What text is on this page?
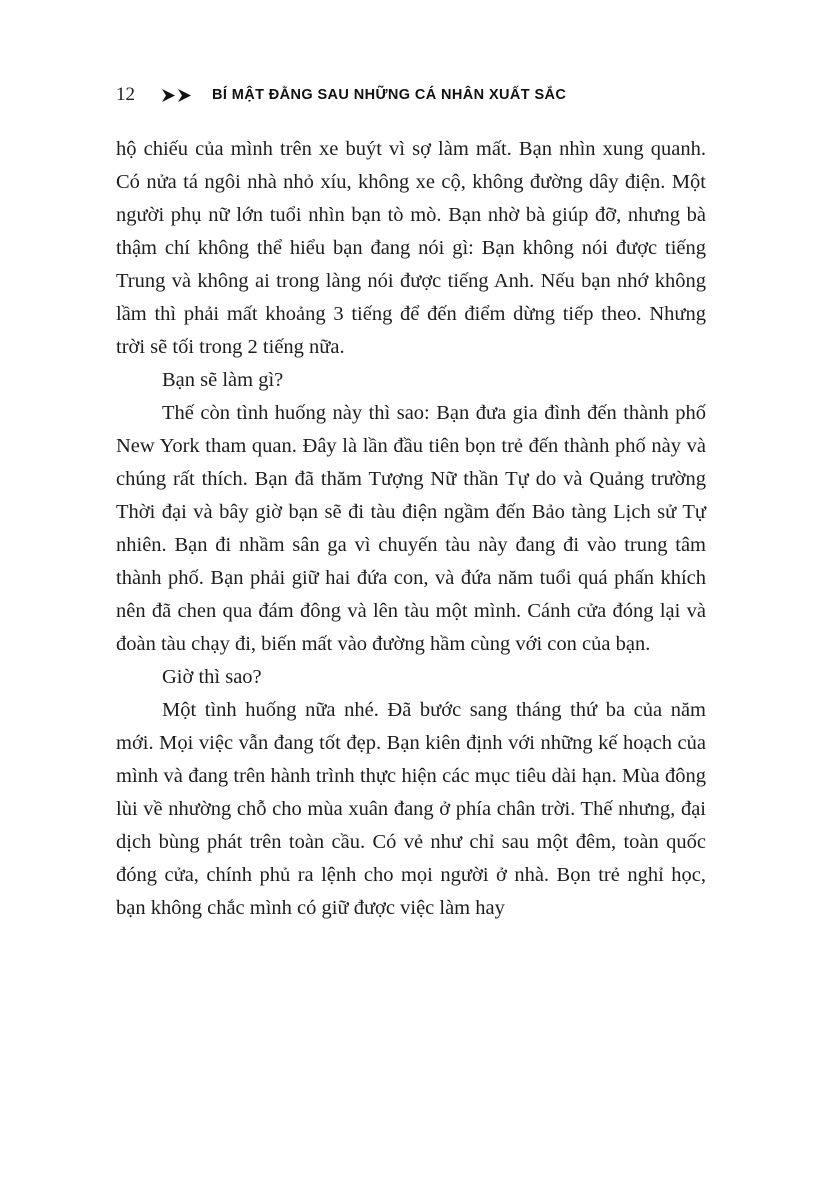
12	BÍ MẬT ĐẰNG SAU NHỮNG CÁ NHÂN XUẤT SẮC

hộ chiếu của mình trên xe buýt vì sợ làm mất. Bạn nhìn xung quanh. Có nửa tá ngôi nhà nhỏ xíu, không xe cộ, không đường dây điện. Một người phụ nữ lớn tuổi nhìn bạn tò mò. Bạn nhờ bà giúp đỡ, nhưng bà thậm chí không thể hiểu bạn đang nói gì: Bạn không nói được tiếng Trung và không ai trong làng nói được tiếng Anh. Nếu bạn nhớ không lầm thì phải mất khoảng 3 tiếng để đến điểm dừng tiếp theo. Nhưng trời sẽ tối trong 2 tiếng nữa.

Bạn sẽ làm gì?

Thế còn tình huống này thì sao: Bạn đưa gia đình đến thành phố New York tham quan. Đây là lần đầu tiên bọn trẻ đến thành phố này và chúng rất thích. Bạn đã thăm Tượng Nữ thần Tự do và Quảng trường Thời đại và bây giờ bạn sẽ đi tàu điện ngầm đến Bảo tàng Lịch sử Tự nhiên. Bạn đi nhầm sân ga vì chuyến tàu này đang đi vào trung tâm thành phố. Bạn phải giữ hai đứa con, và đứa năm tuổi quá phấn khích nên đã chen qua đám đông và lên tàu một mình. Cánh cửa đóng lại và đoàn tàu chạy đi, biến mất vào đường hầm cùng với con của bạn.

Giờ thì sao?

Một tình huống nữa nhé. Đã bước sang tháng thứ ba của năm mới. Mọi việc vẫn đang tốt đẹp. Bạn kiên định với những kế hoạch của mình và đang trên hành trình thực hiện các mục tiêu dài hạn. Mùa đông lùi về nhường chỗ cho mùa xuân đang ở phía chân trời. Thế nhưng, đại dịch bùng phát trên toàn cầu. Có vẻ như chỉ sau một đêm, toàn quốc đóng cửa, chính phủ ra lệnh cho mọi người ở nhà. Bọn trẻ nghỉ học, bạn không chắc mình có giữ được việc làm hay
